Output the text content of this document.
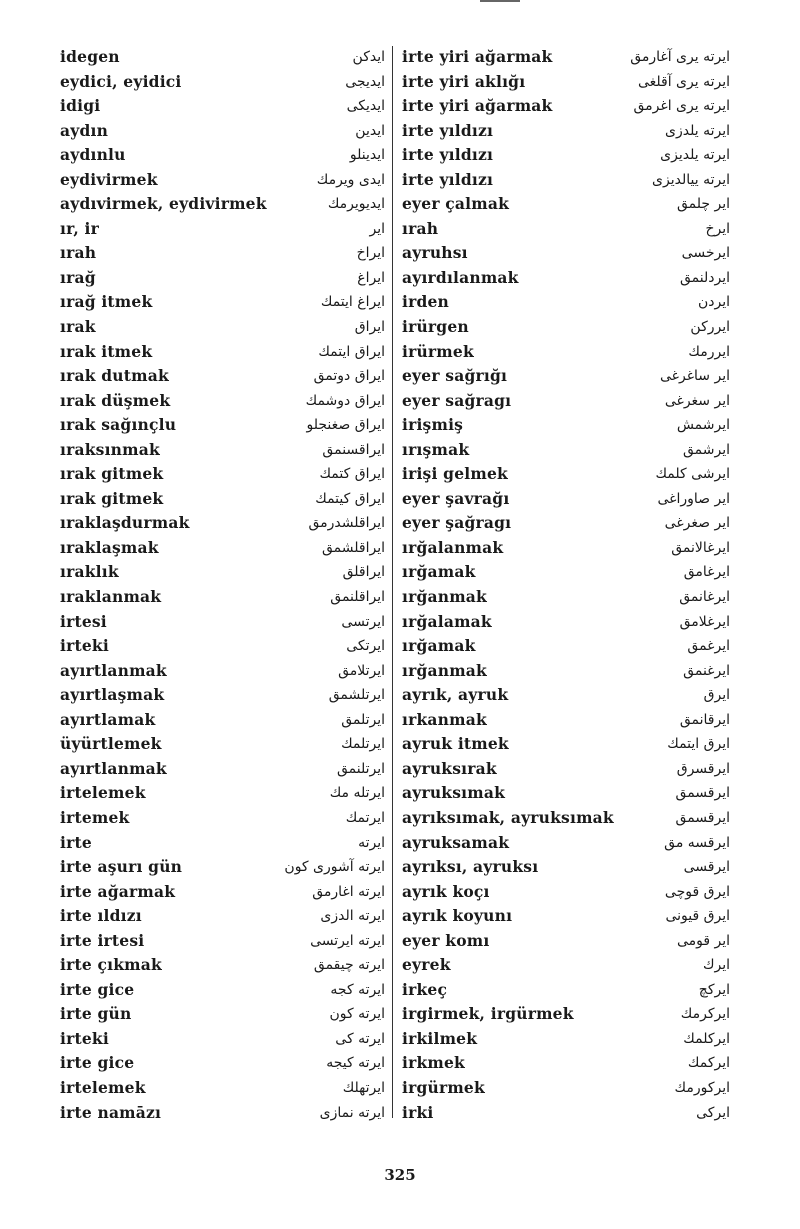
idegen	ایدکن
eydici, eyidici	ایدیجی
idigi	ایدیکی
aydın	ایدین
aydınlu	ایدینلو
eydivirmek	ایدی ویرمك
aydıvirmek, eydivirmek	ایدیویرمك
ır, ir	ایر
ırah	ایراخ
ırağ	ایراغ
ırağ itmek	ایراغ ایتمك
ırak	ایراق
ırak itmek	ایراق ایتمك
ırak dutmak	ایراق دوتمق
ırak düşmek	ایراق دوشمك
ırak sağınçlu	ایراق صغنجلو
ıraksınmak	ایراقسنمق
ırak gitmek	ایراق کتمك
ırak gitmek	ایراق کیتمك
ıraklaşdurmak	ایراقلشدرمق
ıraklaşmak	ایراقلشمق
ıraklık	ایراقلق
ıraklanmak	ایراقلنمق
irtesi	ایرتسی
irteki	ایرتکی
ayırtlanmak	ایرتلامق
ayırtlaşmak	ایرتلشمق
ayırtlamak	ایرتلمق
üyürtlemek	ایرتلمك
ayırtlanmak	ایرتلنمق
irtelemek	ایرتله مك
irtemek	ایرتمك
irte	ایرته
irte aşurı gün	ایرته آشوری کون
irte ağarmak	ایرته اغارمق
irte ıldızı	ایرته الدزی
irte irtesi	ایرته ایرتسی
irte çıkmak	ایرته چیقمق
irte gice	ایرته کجه
irte gün	ایرته کون
irteki	ایرته کی
irte gice	ایرته کیجه
irtelemek	ایرتهلك
irte namāzı	ایرته نمازی
irte yiri ağarmak	ایرته یری آغارمق
irte yiri aklığı	ایرته یری آقلغی
irte yiri ağarmak	ایرته یری اغرمق
irte yıldızı	ایرته یلدزی
irte yıldızı	ایرته یلدیزی
irte yıldızı	ایرته ییالدیزی
eyer çalmak	ایر چلمق
ırah	ایرخ
ayruhsı	ایرخسی
ayırdılanmak	ایردلنمق
irden	ایردن
irürgen	ایررکن
irürmek	ایررمك
eyer sağrığı	ایر ساغرغی
eyer sağragı	ایر سغرغی
irişmiş	ایرشمش
ırışmak	ایرشمق
irişi gelmek	ایرشی کلمك
eyer şavrağı	ایر صاوراغی
eyer şağragı	ایر صغرغی
ırğalanmak	ایرغالانمق
ırğamak	ایرغامق
ırğanmak	ایرغانمق
ırğalamak	ایرغلامق
ırğamak	ایرغمق
ırğanmak	ایرغنمق
ayrık, ayruk	ایرق
ırkanmak	ایرقانمق
ayruk itmek	ایرق ایتمك
ayruksırak	ایرقسرق
ayruksımak	ایرقسمق
ayrıksımak, ayruksımak	ایرقسمق
ayruksamak	ایرقسه مق
ayrıksı, ayruksı	ایرقسی
ayrık koçı	ایرق قوچی
ayrık koyunı	ایرق قیونی
eyer komı	ایر قومی
eyrek	ایرك
irkeç	ایرکچ
irgirmek, irgürmek	ایرکرمك
irkilmek	ایرکلمك
irkmek	ایرکمك
irgürmek	ایرکورمك
irki	ایرکی
325
